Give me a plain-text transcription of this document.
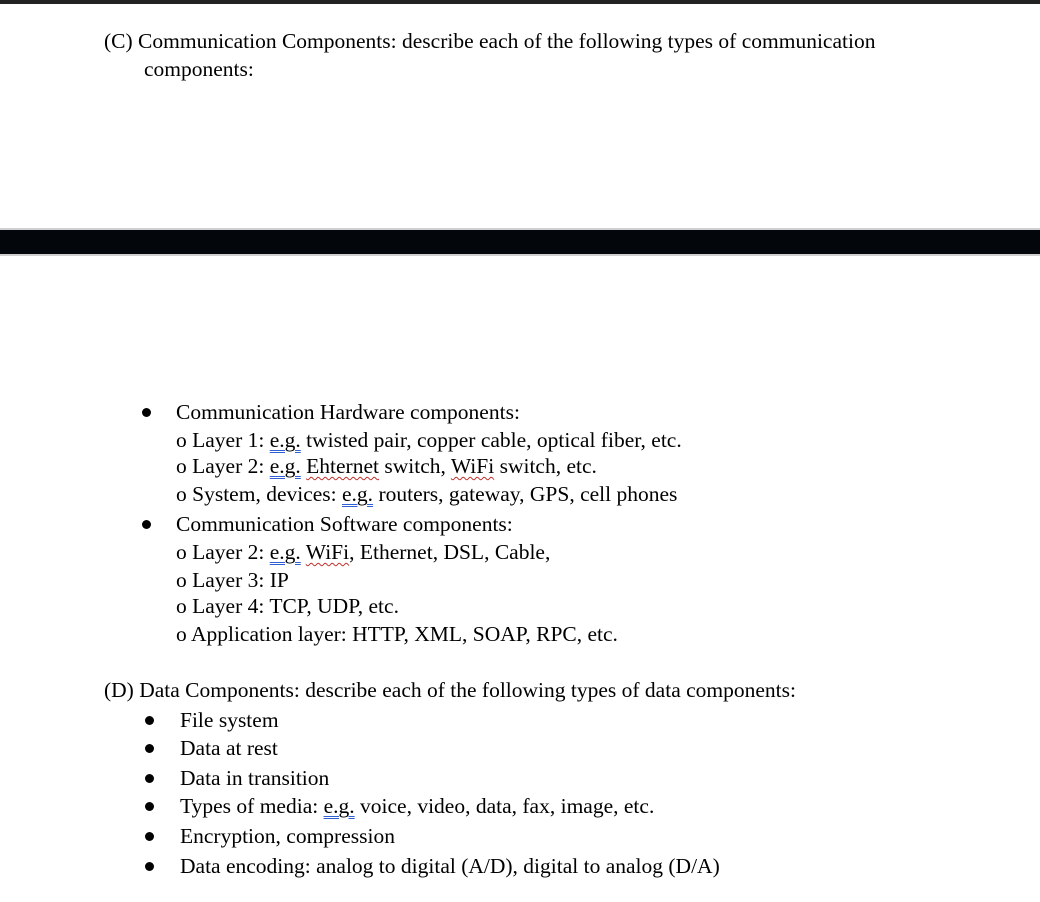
(C) Communication Components: describe each of the following types of communication
components:
Communication Hardware components:
o Layer 1: e.g. twisted pair, copper cable, optical fiber, etc.
o Layer 2: e.g. Ehternet switch, WiFi switch, etc.
o System, devices: e.g. routers, gateway, GPS, cell phones
Communication Software components:
o Layer 2: e.g. WiFi, Ethernet, DSL, Cable,
o Layer 3: IP
o Layer 4: TCP, UDP, etc.
o Application layer: HTTP, XML, SOAP, RPC, etc.
(D) Data Components: describe each of the following types of data components:
File system
Data at rest
Data in transition
Types of media: e.g. voice, video, data, fax, image, etc.
Encryption, compression
Data encoding: analog to digital (A/D), digital to analog (D/A)
